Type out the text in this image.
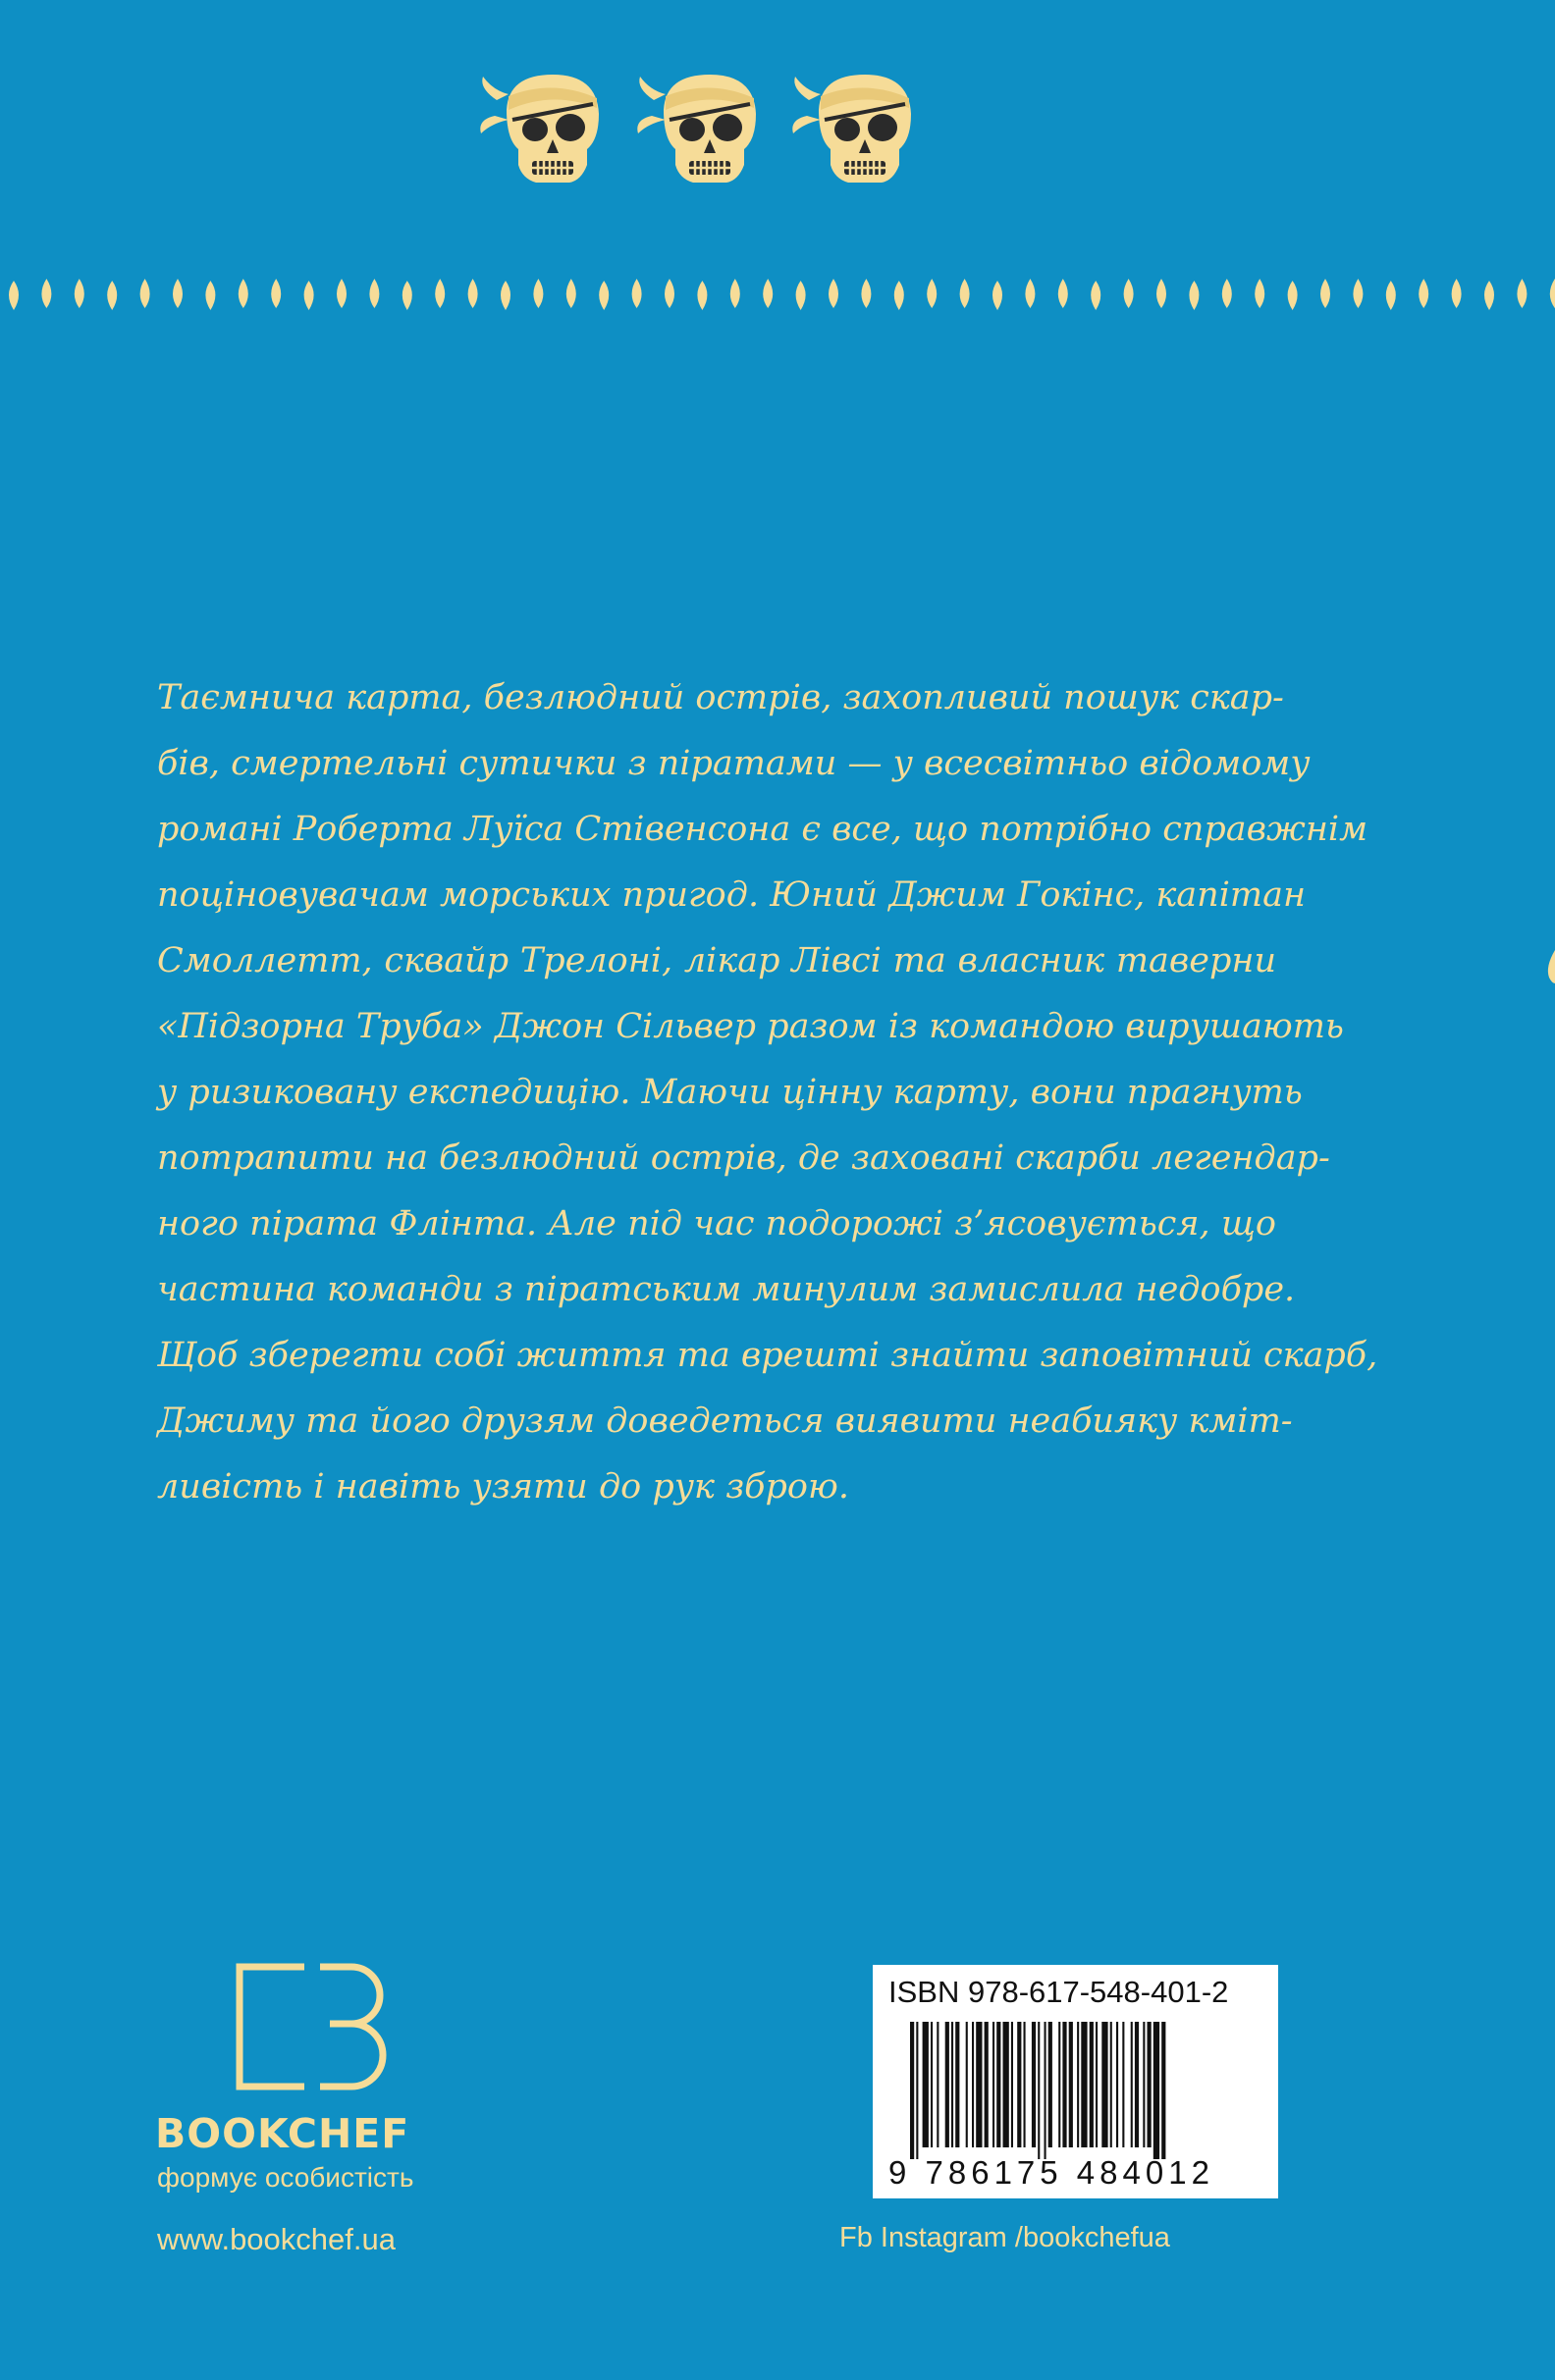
Таємнича карта, безлюдний острів, захопливий пошук скар-
бів, смертельні сутички з піратами — у всесвітньо відомому
романі Роберта Луїса Стівенсона є все, що потрібно справжнім
поціновувачам морських пригод. Юний Джим Гокінс, капітан
Смоллетт, сквайр Трелоні, лікар Лівсі та власник таверни
«Підзорна Труба» Джон Сільвер разом із командою вирушають
у ризиковану експедицію. Маючи цінну карту, вони прагнуть
потрапити на безлюдний острів, де заховані скарби легендар-
ного пірата Флінта. Але під час подорожі з’ясовується, що
частина команди з піратським минулим замислила недобре.
Щоб зберегти собі життя та врешті знайти заповітний скарб,
Джиму та його друзям доведеться виявити неабияку кміт-
ливість і навіть узяти до рук зброю.
BOOKCHEF
формує особистість
www.bookchef.ua
ISBN 978-617-548-401-2
9 786175 484012
Fb Instagram /bookchefua
